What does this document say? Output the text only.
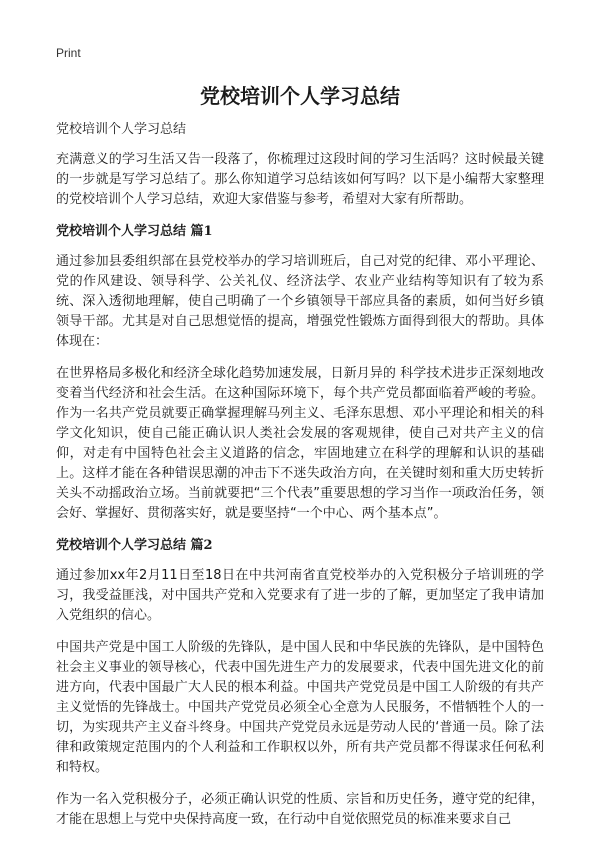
Print
党校培训个人学习总结

党校培训个人学习总结

充满意义的学习生活又告一段落了，你梳理过这段时间的学习生活吗？这时候最关键的一步就是写学习总结了。那么你知道学习总结该如何写吗？以下是小编帮大家整理的党校培训个人学习总结，欢迎大家借鉴与参考，希望对大家有所帮助。

党校培训个人学习总结 篇1

通过参加县委组织部在县党校举办的学习培训班后，自己对党的纪律、邓小平理论、党的作风建设、领导科学、公关礼仪、经济法学、农业产业结构等知识有了较为系统、深入透彻地理解，使自己明确了一个乡镇领导干部应具备的素质，如何当好乡镇领导干部。尤其是对自己思想觉悟的提高，增强党性锻炼方面得到很大的帮助。具体体现在：

在世界格局多极化和经济全球化趋势加速发展，日新月异的 科学技术进步正深刻地改变着当代经济和社会生活。在这种国际环境下，每个共产党员都面临着严峻的考验。作为一名共产党员就要正确掌握理解马列主义、毛泽东思想、邓小平理论和相关的科学文化知识，使自己能正确认识人类社会发展的客观规律，使自己对共产主义的信仰，对走有中国特色社会主义道路的信念，牢固地建立在科学的理解和认识的基础上。这样才能在各种错误思潮的冲击下不迷失政治方向，在关键时刻和重大历史转折关头不动摇政治立场。当前就要把“三个代表”重要思想的学习当作一项政治任务，领会好、掌握好、贯彻落实好，就是要坚持“一个中心、两个基本点”。

党校培训个人学习总结 篇2

通过参加xx年2月11日至18日在中共河南省直党校举办的入党积极分子培训班的学习，我受益匪浅，对中国共产党和入党要求有了进一步的了解，更加坚定了我申请加入党组织的信心。

中国共产党是中国工人阶级的先锋队，是中国人民和中华民族的先锋队，是中国特色社会主义事业的领导核心，代表中国先进生产力的发展要求，代表中国先进文化的前进方向，代表中国最广大人民的根本利益。中国共产党党员是中国工人阶级的有共产主义觉悟的先锋战士。中国共产党党员必须全心全意为人民服务，不惜牺牲个人的一切，为实现共产主义奋斗终身。中国共产党党员永远是劳动人民的‘普通一员。除了法律和政策规定范围内的个人利益和工作职权以外，所有共产党员都不得谋求任何私利和特权。

作为一名入党积极分子，必须正确认识党的性质、宗旨和历史任务，遵守党的纪律，才能在思想上与党中央保持高度一致，在行动中自觉依照党员的标准来要求自己
